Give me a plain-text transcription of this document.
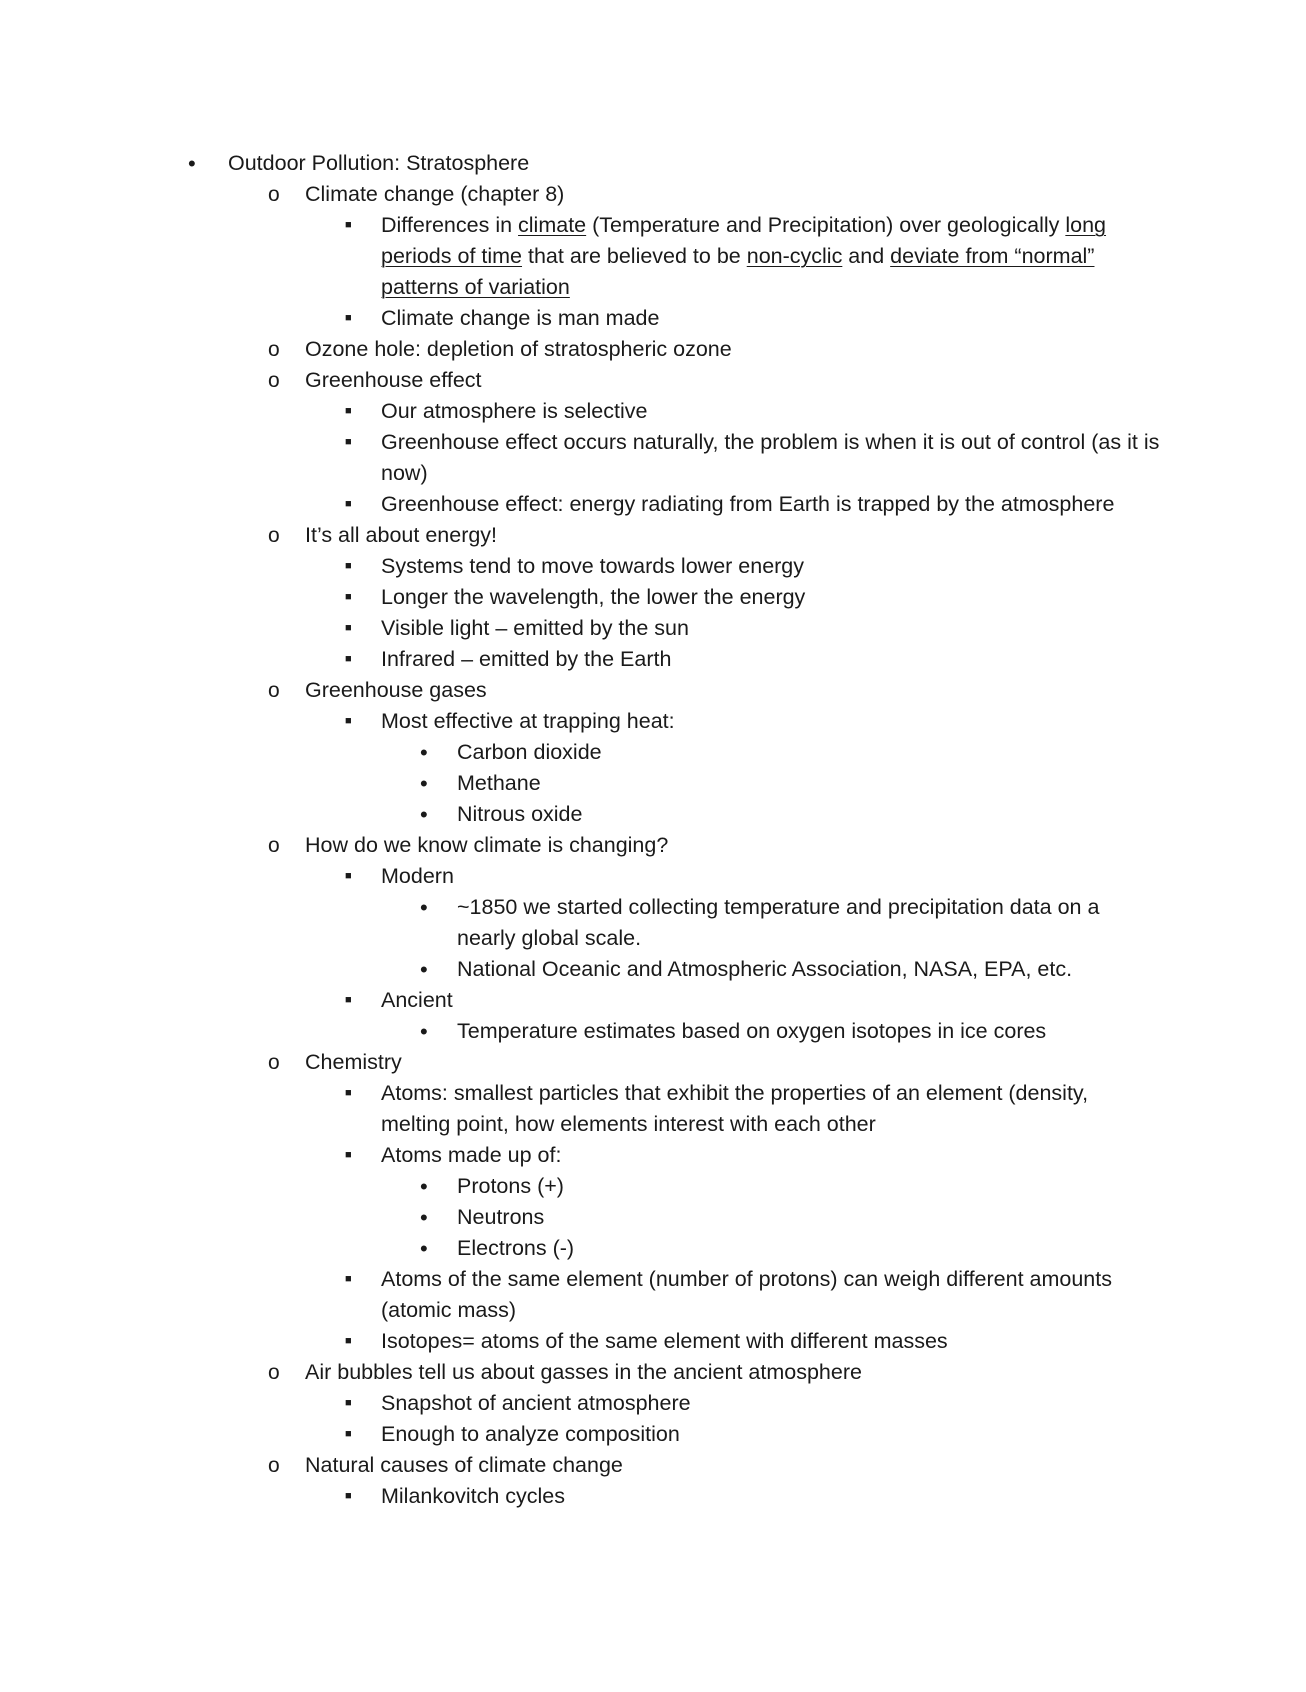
• Outdoor Pollution: Stratosphere
o Climate change (chapter 8)
■ Differences in climate (Temperature and Precipitation) over geologically long periods of time that are believed to be non-cyclic and deviate from “normal” patterns of variation
■ Climate change is man made
o Ozone hole: depletion of stratospheric ozone
o Greenhouse effect
■ Our atmosphere is selective
■ Greenhouse effect occurs naturally, the problem is when it is out of control (as it is now)
■ Greenhouse effect: energy radiating from Earth is trapped by the atmosphere
o It’s all about energy!
■ Systems tend to move towards lower energy
■ Longer the wavelength, the lower the energy
■ Visible light – emitted by the sun
■ Infrared – emitted by the Earth
o Greenhouse gases
■ Most effective at trapping heat:
• Carbon dioxide
• Methane
• Nitrous oxide
o How do we know climate is changing?
■ Modern
• ~1850 we started collecting temperature and precipitation data on a nearly global scale.
• National Oceanic and Atmospheric Association, NASA, EPA, etc.
■ Ancient
• Temperature estimates based on oxygen isotopes in ice cores
o Chemistry
■ Atoms: smallest particles that exhibit the properties of an element (density, melting point, how elements interest with each other
■ Atoms made up of:
• Protons (+)
• Neutrons
• Electrons (-)
■ Atoms of the same element (number of protons) can weigh different amounts (atomic mass)
■ Isotopes= atoms of the same element with different masses
o Air bubbles tell us about gasses in the ancient atmosphere
■ Snapshot of ancient atmosphere
■ Enough to analyze composition
o Natural causes of climate change
■ Milankovitch cycles
